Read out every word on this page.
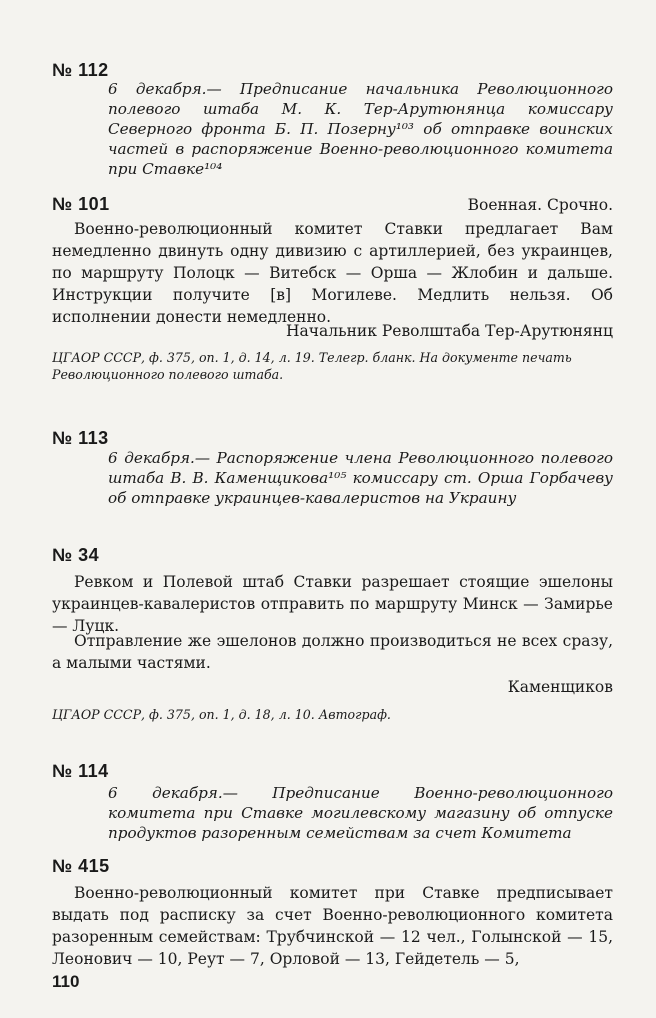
№ 112
6 декабря.— Предписание начальника Революционного полевого штаба М. К. Тер-Арутюнянца комиссару Северного фронта Б. П. Позерну¹⁰³ об отправке воинских частей в распоряжение Военно-революционного комитета при Ставке¹⁰⁴
№ 101	Военная. Срочно.
Военно-революционный комитет Ставки предлагает Вам немедленно двинуть одну дивизию с артиллерией, без украинцев, по маршруту Полоцк — Витебск — Орша — Жлобин и дальше. Инструкции получите [в] Могилеве. Медлить нельзя. Об исполнении донести немедленно.
Начальник Револштаба Тер-Арутюнянц
ЦГАОР СССР, ф. 375, оп. 1, д. 14, л. 19. Телегр. бланк. На документе печать Революционного полевого штаба.
№ 113
6 декабря.— Распоряжение члена Революционного полевого штаба В. В. Каменщикова¹⁰⁵ комиссару ст. Орша Горбачеву об отправке украинцев-кавалеристов на Украину
№ 34
Ревком и Полевой штаб Ставки разрешает стоящие эшелоны украинцев-кавалеристов отправить по маршруту Минск — Замирье — Луцк.
Отправление же эшелонов должно производиться не всех сразу, а малыми частями.
Каменщиков
ЦГАОР СССР, ф. 375, оп. 1, д. 18, л. 10. Автограф.
№ 114
6 декабря.— Предписание Военно-революционного комитета при Ставке могилевскому магазину об отпуске продуктов разоренным семействам за счет Комитета
№ 415
Военно-революционный комитет при Ставке предписывает выдать под расписку за счет Военно-революционного комитета разоренным семействам: Трубчинской — 12 чел., Голынской — 15, Леонович — 10, Реут — 7, Орловой — 13, Гейдетель — 5,
110
